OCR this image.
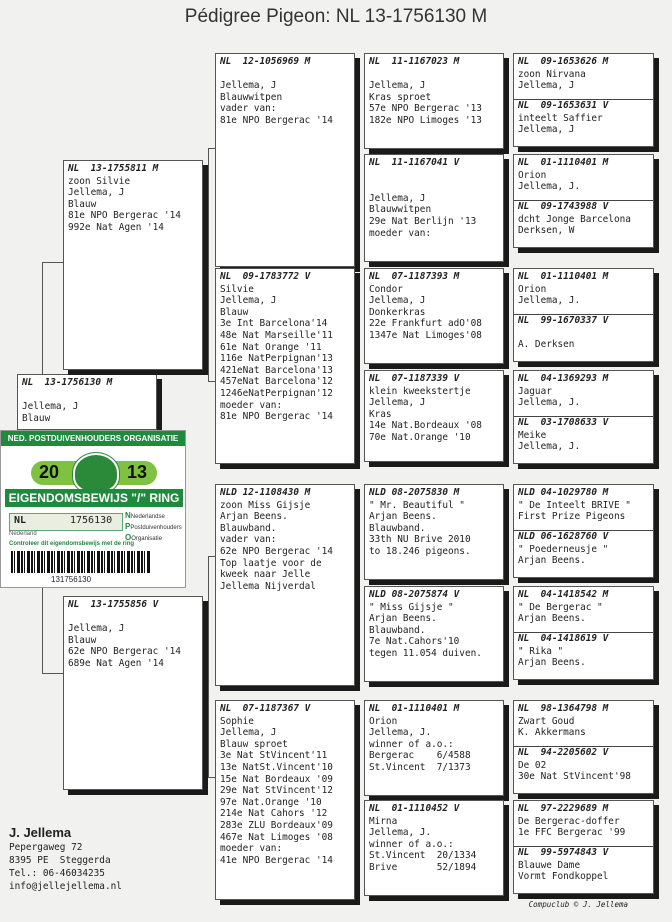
Pédigree Pigeon: NL 13-1756130 M
NL  13-1756130 M
Jellema, J
Blauw
NED. POSTDUIVENHOUDERS ORGANISATIE
20	13
EIGENDOMSBEWIJS "/" RING
NL	1756130 NNederlandse
PPostduivenhouders
OOrganisatie
Nederland
Controleer dit eigendomsbewijs met de ring
131756130
NL  13-1755811 M
zoon Silvie
Jellema, J
Blauw
81e NPO Bergerac '14
992e Nat Agen '14
NL  13-1755856 V
Jellema, J
Blauw
62e NPO Bergerac '14
689e Nat Agen '14
NL  12-1056969 M
Jellema, J
Blauwwitpen
vader van:
81e NPO Bergerac '14
NL  09-1783772 V
Silvie
Jellema, J
Blauw
3e Int Barcelona'14
48e Nat Marseille'11
61e Nat Orange '11
116e NatPerpignan'13
421eNat Barcelona'13
457eNat Barcelona'12
1246eNatPerpignan'12
moeder van:
81e NPO Bergerac '14
NLD 12-1108430 M
zoon Miss Gijsje
Arjan Beens.
Blauwband.
vader van:
62e NPO Bergerac '14
Top laatje voor de
kweek naar Jelle
Jellema Nijverdal
NL  07-1187367 V
Sophie
Jellema, J
Blauw sproet
3e Nat StVincent'11
13e NatSt.Vincent'10
15e Nat Bordeaux '09
29e Nat StVincent'12
97e Nat.Orange '10
214e Nat Cahors '12
283e ZLU Bordeaux'09
467e Nat Limoges '08
moeder van:
41e NPO Bergerac '14
NL  11-1167023 M
Jellema, J
Kras sproet
57e NPO Bergerac '13
182e NPO Limoges '13
NL  11-1167041 V
Jellema, J
Blauwwitpen
29e Nat Berlijn '13
moeder van:
NL  07-1187393 M
Condor
Jellema, J
Donkerkras
22e Frankfurt adO'08
1347e Nat Limoges'08
NL  07-1187339 V
klein kweekstertje
Jellema, J
Kras
14e Nat.Bordeaux '08
70e Nat.Orange '10
NLD 08-2075830 M
" Mr. Beautiful "
Arjan Beens.
Blauwband.
33th NU Brive 2010
to 18.246 pigeons.
NLD 08-2075874 V
" Miss Gijsje "
Arjan Beens.
Blauwband.
7e Nat.Cahors'10
tegen 11.054 duiven.
NL  01-1110401 M
Orion
Jellema, J.
winner of a.o.:
Bergerac    6/4588
St.Vincent  7/1373
NL  01-1110452 V
Mirna
Jellema, J.
winner of a.o.:
St.Vincent  20/1334
Brive       52/1894
NL  09-1653626 M
zoon Nirvana
Jellema, J
NL  09-1653631 V
inteelt Saffier
Jellema, J
NL  01-1110401 M
Orion
Jellema, J.
NL  09-1743988 V
dcht Jonge Barcelona
Derksen, W
NL  01-1110401 M
Orion
Jellema, J.
NL  99-1670337 V
A. Derksen
NL  04-1369293 M
Jaguar
Jellema, J.
NL  03-1708633 V
Meike
Jellema, J.
NLD 04-1029780 M
" De Inteelt BRIVE "
First Prize Pigeons
NLD 06-1628760 V
" Poederneusje "
Arjan Beens.
NL  04-1418542 M
" De Bergerac "
Arjan Beens.
NL  04-1418619 V
" Rika "
Arjan Beens.
NL  98-1364798 M
Zwart Goud
K. Akkermans
NL  94-2205602 V
De 02
30e Nat StVincent'98
NL  97-2229689 M
De Bergerac-doffer
1e FFC Bergerac '99
NL  99-5974843 V
Blauwe Dame
Vormt Fondkoppel
J. Jellema
Pepergaweg 72
8395 PE  Steggerda
Tel.: 06-46034235
info@jellejellema.nl
Compuclub © J. Jellema
